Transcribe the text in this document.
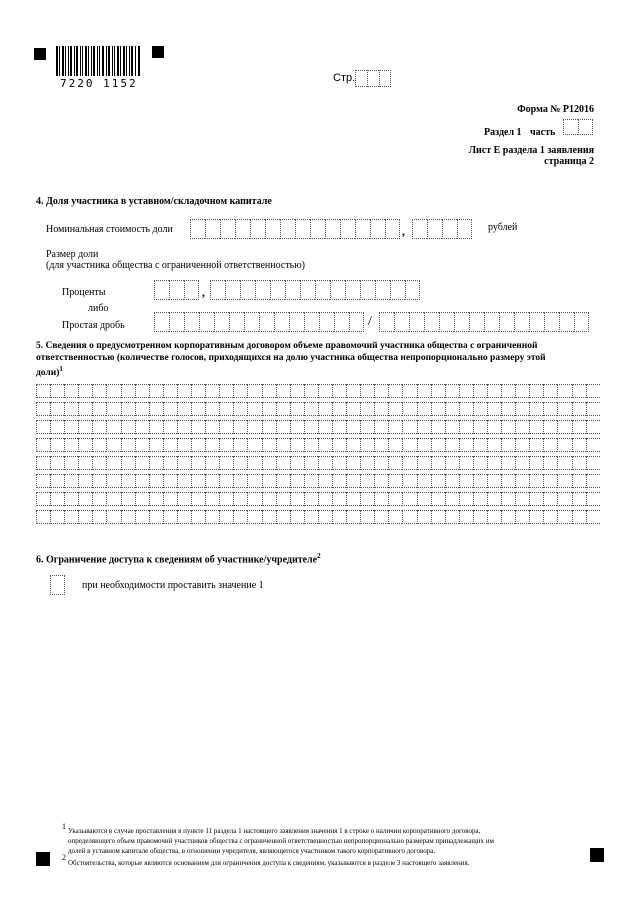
7220 1152	Стр.
Форма № Р12016
Раздел 1 часть
Лист Е раздела 1 заявления
страница 2
4. Доля участника в уставном/складочном капитале
Номинальная стоимость доли	,	рублей
Размер доли
(для участника общества с ограниченной ответственностью)
Проценты	,
либо
Простая дробь	/
5. Сведения о предусмотренном корпоративным договором объеме правомочий участника общества с ограниченной
ответственностью (количестве голосов, приходящихся на долю участника общества непропорционально размеру этой
доли)$^1$
6. Ограничение доступа к сведениям об участнике/учредителе$^2$
при необходимости проставить значение 1
1 Указываются в случае проставления в пункте 11 раздела 1 настоящего заявления значения 1 в строке о наличии корпоративного договора,
определяющего объем правомочий участников общества с ограниченной ответственностью непропорционально размерам принадлежащих им
долей в уставном капитале общества, в отношении учредителя, являющегося участником такого корпоративного договора.
2
Обстоятельства, которые являются основанием для ограничения доступа к сведениям, указываются в разделе 3 настоящего заявления.
